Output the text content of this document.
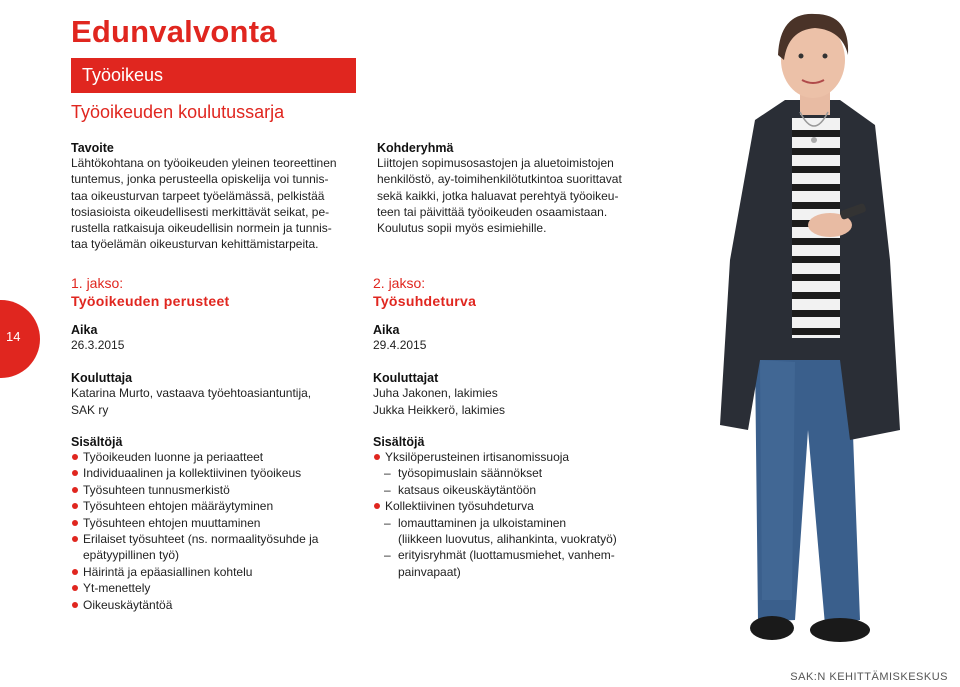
Edunvalvonta
Työoikeus
Työoikeuden koulutussarja
Tavoite
Lähtökohtana on työoikeuden yleinen teoreettinen
tuntemus, jonka perusteella opiskelija voi tunnis-
taa oikeusturvan tarpeet työelämässä, pelkistää
tosiasioista oikeudellisesti merkittävät seikat, pe-
rustella ratkaisuja oikeudellisin normein ja tunnis-
taa työelämän oikeusturvan kehittämistarpeita.
Kohderyhmä
Liittojen sopimusosastojen ja aluetoimistojen
henkilöstö, ay-toimihenkilötutkintoa suorittavat
sekä kaikki, jotka haluavat perehtyä työoikeu-
teen tai päivittää työoikeuden osaamistaan.
Koulutus sopii myös esimiehille.
1. jakso:
Työoikeuden perusteet
Aika
26.3.2015
Kouluttaja
Katarina Murto, vastaava työehtoasiantuntija,
SAK ry
Sisältöjä
Työoikeuden luonne ja periaatteet
Individuaalinen ja kollektiivinen työoikeus
Työsuhteen tunnusmerkistö
Työsuhteen ehtojen määräytyminen
Työsuhteen ehtojen muuttaminen
Erilaiset työsuhteet (ns. normaalityösuhde ja
epätyypillinen työ)
Häirintä ja epäasiallinen kohtelu
Yt-menettely
Oikeuskäytäntöä
2. jakso:
Työsuhdeturva
Aika
29.4.2015
Kouluttajat
Juha Jakonen, lakimies
Jukka Heikkerö, lakimies
Sisältöjä
Yksilöperusteinen irtisanomissuoja
– työsopimuslain säännökset
– katsaus oikeuskäytäntöön
Kollektiivinen työsuhdeturva
– lomauttaminen ja ulkoistaminen
(liikkeen luovutus, alihankinta, vuokratyö)
– erityisryhmät (luottamusmiehet, vanhem-
painvapaat)
14
SAK:N KEHITTÄMISKESKUS
